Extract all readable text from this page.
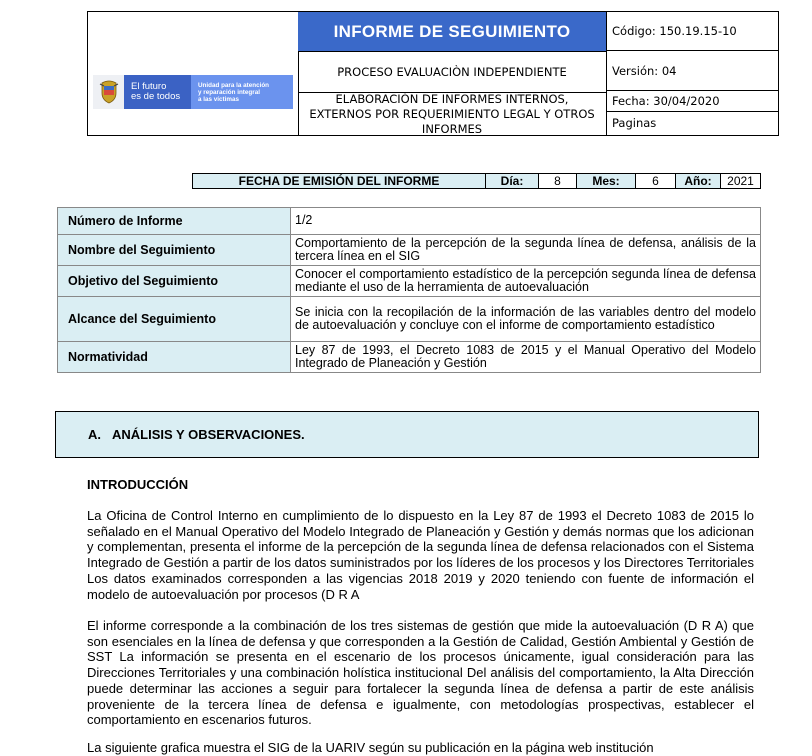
El futuro
es de todos
Unidad para la atención
y reparación integral
a las víctimas
INFORME DE SEGUIMIENTO
PROCESO EVALUACIÒN INDEPENDIENTE
ELABORACIÓN DE INFORMES INTERNOS, EXTERNOS POR REQUERIMIENTO LEGAL Y OTROS INFORMES
Código: 150.19.15-10
Versión: 04
Fecha: 30/04/2020
Paginas
FECHA DE EMISIÓN DEL INFORME	Día:	8	Mes:	6	Año:	2021
Número de Informe	1/2
Nombre del Seguimiento	Comportamiento de la percepción de la segunda línea de defensa, análisis de la tercera línea en el SIG
Objetivo del Seguimiento	Conocer el comportamiento estadístico de la percepción segunda línea de defensa mediante el uso de la herramienta de autoevaluación
Alcance del Seguimiento	Se inicia con la recopilación de la información de las variables dentro del modelo de autoevaluación y concluye con el informe de comportamiento estadístico
Normatividad	Ley 87 de 1993, el Decreto 1083 de 2015 y el Manual Operativo del Modelo Integrado de Planeación y Gestión
A. ANÁLISIS Y OBSERVACIONES.
INTRODUCCIÓN
La Oficina de Control Interno en cumplimiento de lo dispuesto en la Ley 87 de 1993 el Decreto 1083 de 2015 lo señalado en el Manual Operativo del Modelo Integrado de Planeación y Gestión y demás normas que los adicionan y complementan, presenta el informe de la percepción de la segunda línea de defensa relacionados con el Sistema Integrado de Gestión a partir de los datos suministrados por los líderes de los procesos y los Directores Territoriales Los datos examinados corresponden a las vigencias 2018 2019 y 2020 teniendo con fuente de información el modelo de autoevaluación por procesos (D R A
El informe corresponde a la combinación de los tres sistemas de gestión que mide la autoevaluación (D R A) que son esenciales en la línea de defensa y que corresponden a la Gestión de Calidad, Gestión Ambiental y Gestión de SST La información se presenta en el escenario de los procesos únicamente, igual consideración para las Direcciones Territoriales y una combinación holística institucional Del análisis del comportamiento, la Alta Dirección puede determinar las acciones a seguir para fortalecer la segunda línea de defensa a partir de este análisis proveniente de la tercera línea de defensa e igualmente, con metodologías prospectivas, establecer el comportamiento en escenarios futuros.
La siguiente grafica muestra el SIG de la UARIV según su publicación en la página web institución
